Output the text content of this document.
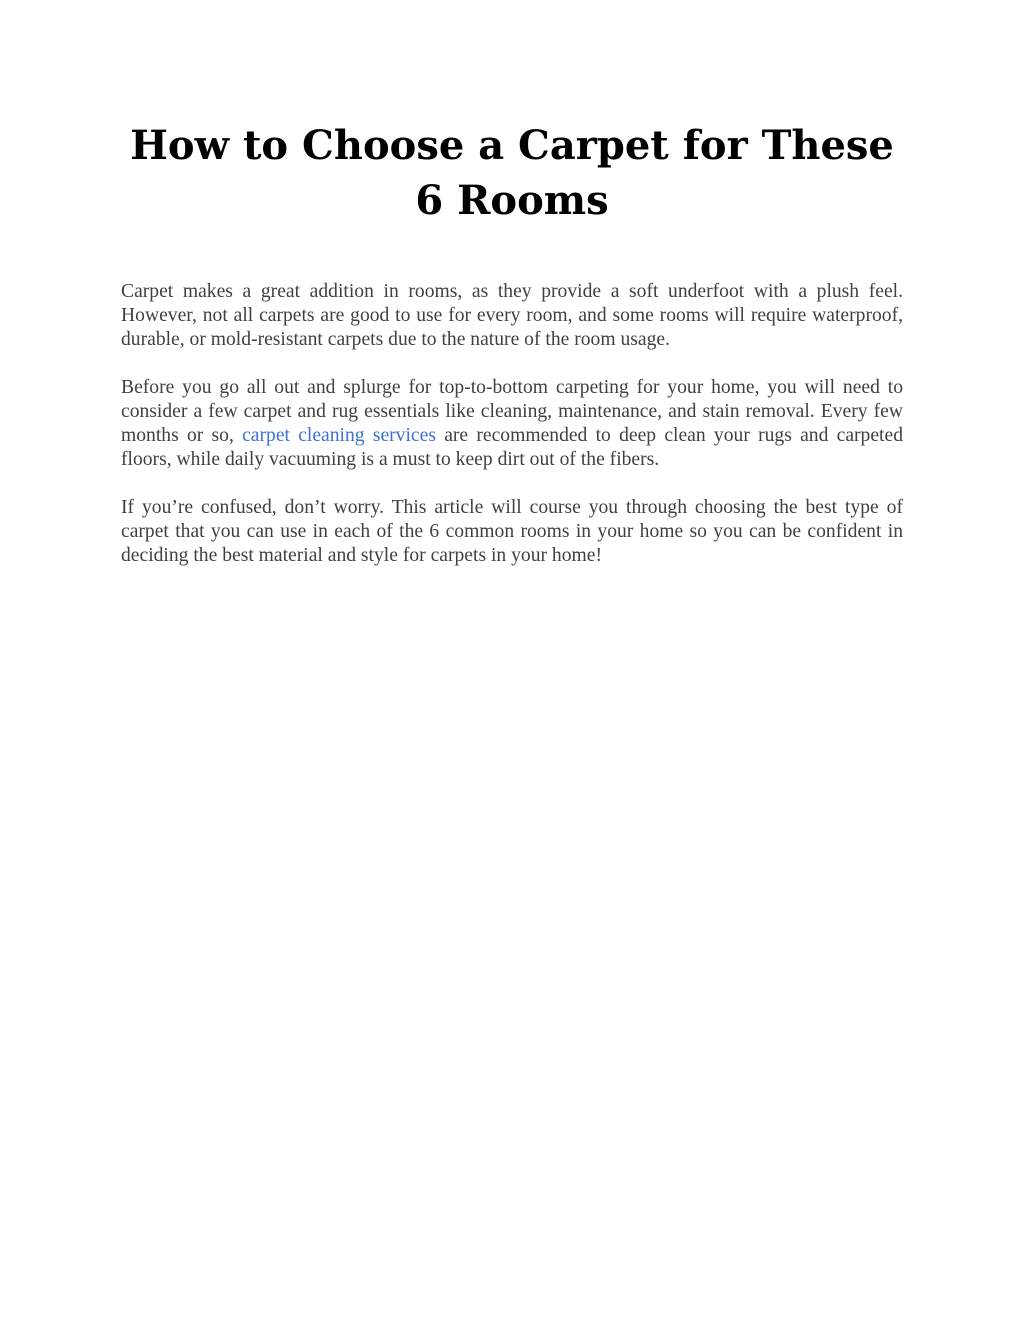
How to Choose a Carpet for These 6 Rooms

Carpet makes a great addition in rooms, as they provide a soft underfoot with a plush feel. However, not all carpets are good to use for every room, and some rooms will require waterproof, durable, or mold-resistant carpets due to the nature of the room usage.

Before you go all out and splurge for top-to-bottom carpeting for your home, you will need to consider a few carpet and rug essentials like cleaning, maintenance, and stain removal. Every few months or so, carpet cleaning services are recommended to deep clean your rugs and carpeted floors, while daily vacuuming is a must to keep dirt out of the fibers.

If you’re confused, don’t worry. This article will course you through choosing the best type of carpet that you can use in each of the 6 common rooms in your home so you can be confident in deciding the best material and style for carpets in your home!
